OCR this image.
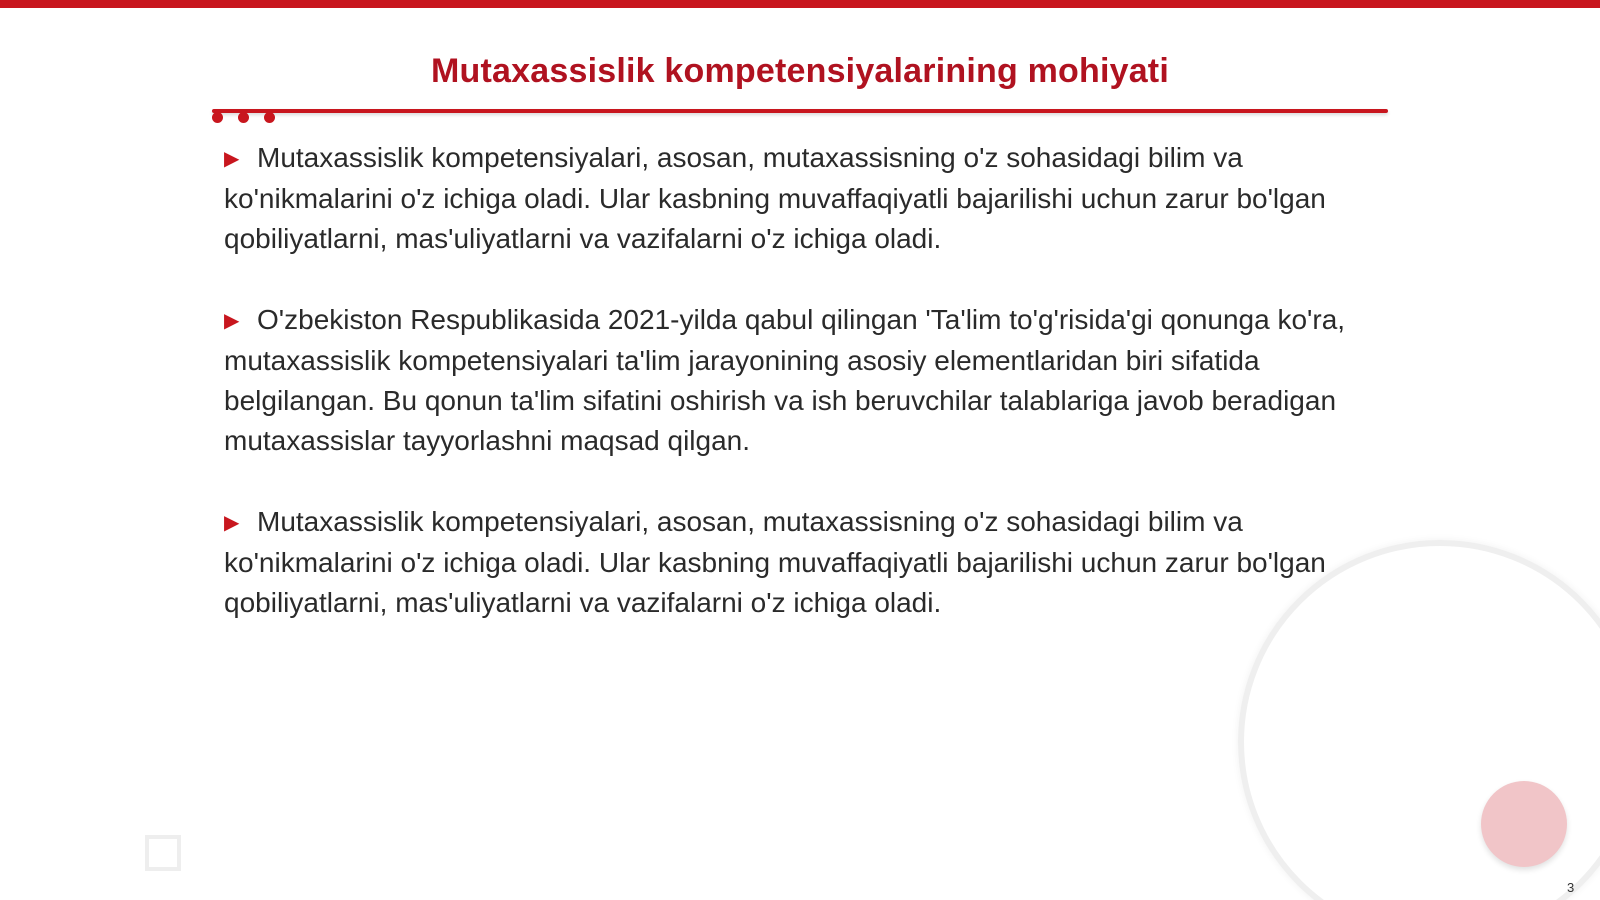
Mutaxassislik kompetensiyalarining mohiyati

▶ Mutaxassislik kompetensiyalari, asosan, mutaxassisning o'z sohasidagi bilim va ko'nikmalarini o'z ichiga oladi. Ular kasbning muvaffaqiyatli bajarilishi uchun zarur bo'lgan qobiliyatlarni, mas'uliyatlarni va vazifalarni o'z ichiga oladi.

▶ O'zbekiston Respublikasida 2021-yilda qabul qilingan 'Ta'lim to'g'risida'gi qonunga ko'ra, mutaxassislik kompetensiyalari ta'lim jarayonining asosiy elementlaridan biri sifatida belgilangan. Bu qonun ta'lim sifatini oshirish va ish beruvchilar talablariga javob beradigan mutaxassislar tayyorlashni maqsad qilgan.

▶ Mutaxassislik kompetensiyalari, asosan, mutaxassisning o'z sohasidagi bilim va ko'nikmalarini o'z ichiga oladi. Ular kasbning muvaffaqiyatli bajarilishi uchun zarur bo'lgan qobiliyatlarni, mas'uliyatlarni va vazifalarni o'z ichiga oladi.

3
